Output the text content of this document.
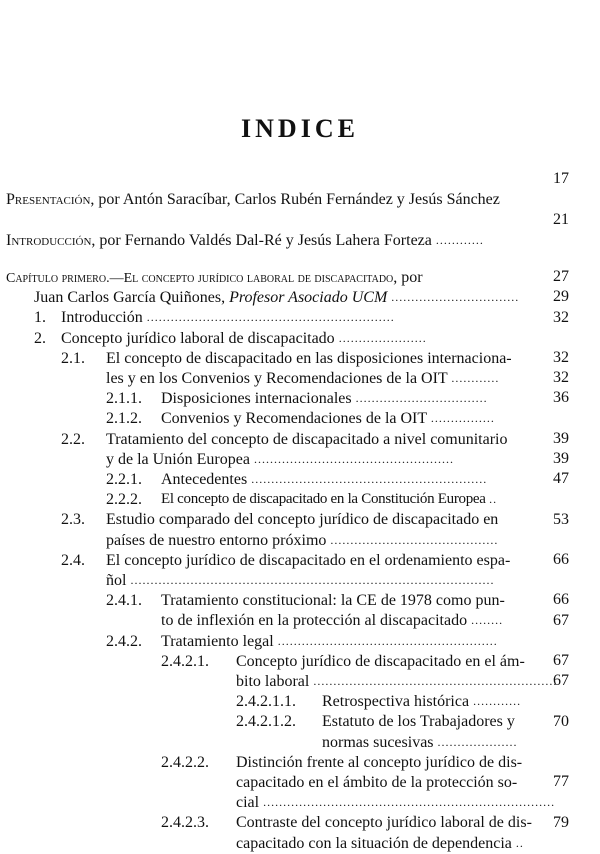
INDICE
Presentación, por Antón Saracíbar, Carlos Rubén Fernández y Jesús Sánchez
17
Introducción, por Fernando Valdés Dal-Ré y Jesús Lahera Forteza ............
21
Capítulo primero.—El concepto jurídico laboral de discapacitado, por
Juan Carlos García Quiñones, Profesor Asociado UCM ................................
27
1. Introducción ..............................................................
29
2. Concepto jurídico laboral de discapacitado ......................
32
2.1. El concepto de discapacitado en las disposiciones internaciona-
les y en los Convenios y Recomendaciones de la OIT ............
32
2.1.1. Disposiciones internacionales .................................
32
2.1.2. Convenios y Recomendaciones de la OIT ................
36
2.2. Tratamiento del concepto de discapacitado a nivel comunitario
y de la Unión Europea ..................................................
39
2.2.1. Antecedentes ...........................................................
39
2.2.2. El concepto de discapacitado en la Constitución Europea ..
47
2.3. Estudio comparado del concepto jurídico de discapacitado en
países de nuestro entorno próximo ..........................................
53
2.4. El concepto jurídico de discapacitado en el ordenamiento espa-
ñol ...........................................................................................
66
2.4.1. Tratamiento constitucional: la CE de 1978 como pun-
to de inflexión en la protección al discapacitado ........
66
2.4.2. Tratamiento legal .......................................................
67
2.4.2.1. Concepto jurídico de discapacitado en el ám-
bito laboral .............................................................
67
2.4.2.1.1. Retrospectiva histórica ............
67
2.4.2.1.2. Estatuto de los Trabajadores y
normas sucesivas ....................
70
2.4.2.2. Distinción frente al concepto jurídico de dis-
capacitado en el ámbito de la protección so-
cial .........................................................................
77
2.4.2.3. Contraste del concepto jurídico laboral de dis-
capacitado con la situación de dependencia ..
79
